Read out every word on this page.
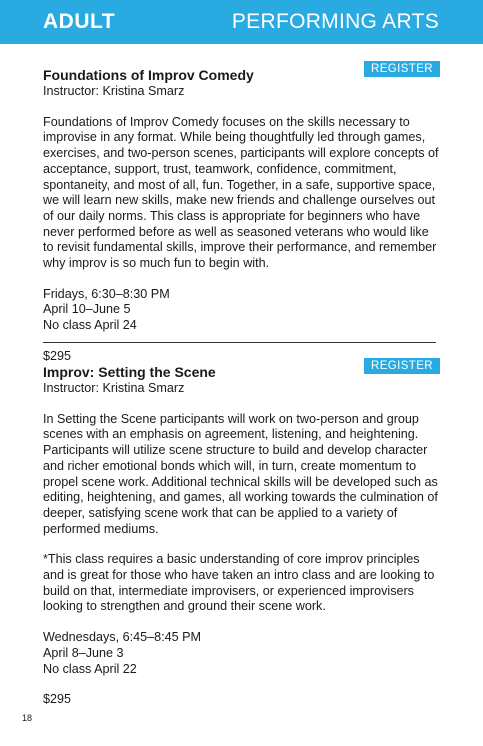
ADULT	PERFORMING ARTS
REGISTER

Foundations of Improv Comedy

Instructor: Kristina Smarz

Foundations of Improv Comedy focuses on the skills necessary to improvise in any format. While being thoughtfully led through games, exercises, and two-person scenes, participants will explore concepts of acceptance, support, trust, teamwork, confidence, commitment, spontaneity, and most of all, fun. Together, in a safe, supportive space, we will learn new skills, make new friends and challenge ourselves out of our daily norms. This class is appropriate for beginners who have never performed before as well as seasoned veterans who would like to revisit fundamental skills, improve their performance, and remember why improv is so much fun to begin with.

Fridays, 6:30–8:30 PM

April 10–June 5

No class April 24

$295

REGISTER

Improv: Setting the Scene

Instructor: Kristina Smarz

In Setting the Scene participants will work on two-person and group scenes with an emphasis on agreement, listening, and heightening. Participants will utilize scene structure to build and develop character and richer emotional bonds which will, in turn, create momentum to propel scene work. Additional technical skills will be developed such as editing, heightening, and games, all working towards the culmination of deeper, satisfying scene work that can be applied to a variety of performed mediums.

*This class requires a basic understanding of core improv principles and is great for those who have taken an intro class and are looking to build on that, intermediate improvisers, or experienced improvisers looking to strengthen and ground their scene work.

Wednesdays, 6:45–8:45 PM

April 8–June 3

No class April 22

$295

18
